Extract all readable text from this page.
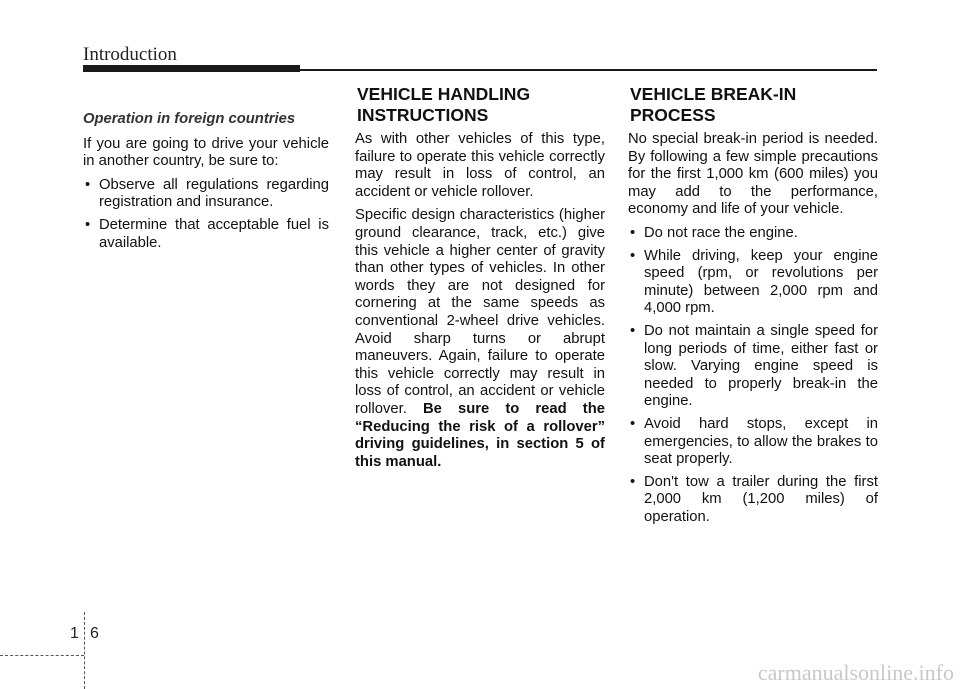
Introduction
Operation in foreign countries

If you are going to drive your vehicle in another country, be sure to:

• Observe all regulations regarding registration and insurance.
• Determine that acceptable fuel is available.
VEHICLE HANDLING
INSTRUCTIONS

As with other vehicles of this type, failure to operate this vehicle correctly may result in loss of control, an accident or vehicle rollover.

Specific design characteristics (higher ground clearance, track, etc.) give this vehicle a higher center of gravity than other types of vehicles. In other words they are not designed for cornering at the same speeds as conventional 2-wheel drive vehicles. Avoid sharp turns or abrupt maneuvers. Again, failure to operate this vehicle correctly may result in loss of control, an accident or vehicle rollover. Be sure to read the “Reducing the risk of a rollover” driving guidelines, in section 5 of this manual.

VEHICLE BREAK-IN
PROCESS

No special break-in period is needed. By following a few simple precautions for the first 1,000 km (600 miles) you may add to the performance, economy and life of your vehicle.

• Do not race the engine.
• While driving, keep your engine speed (rpm, or revolutions per minute) between 2,000 rpm and 4,000 rpm.
• Do not maintain a single speed for long periods of time, either fast or slow. Varying engine speed is needed to properly break-in the engine.
• Avoid hard stops, except in emergencies, to allow the brakes to seat properly.
• Don't tow a trailer during the first 2,000 km (1,200 miles) of operation.
1 6
carmanualsonline.info
